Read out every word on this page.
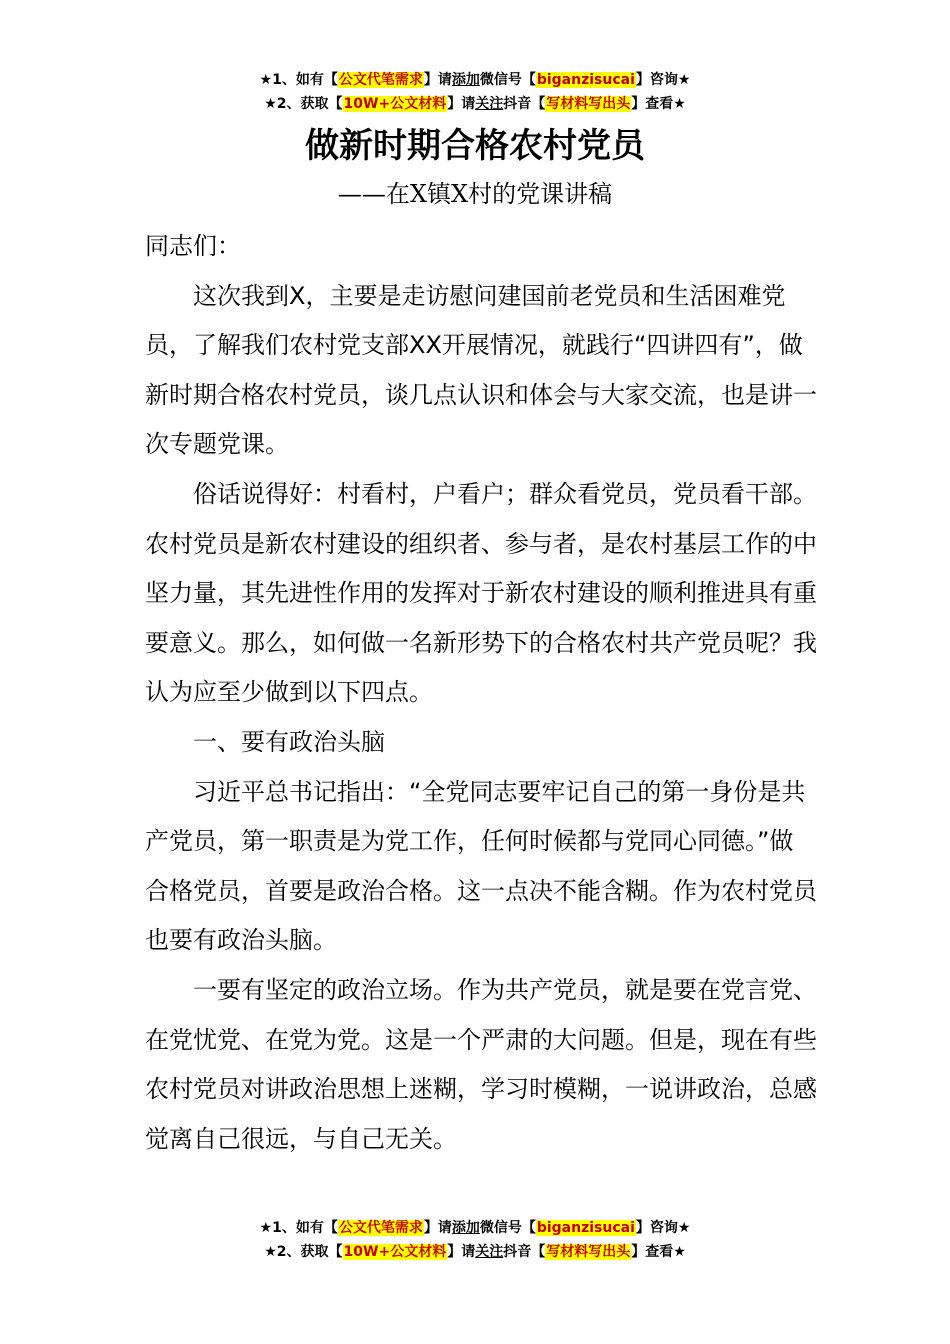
★1、如有【公文代笔需求】请添加微信号【biganzisucai】咨询★
★2、获取【10W+公文材料】请关注抖音【写材料写出头】查看★
做新时期合格农村党员
——在X镇X村的党课讲稿

同志们：

这次我到X，主要是走访慰问建国前老党员和生活困难党员，了解我们农村党支部XX开展情况，就践行“四讲四有”，做新时期合格农村党员，谈几点认识和体会与大家交流，也是讲一次专题党课。

俗话说得好：村看村，户看户；群众看党员，党员看干部。农村党员是新农村建设的组织者、参与者，是农村基层工作的中坚力量，其先进性作用的发挥对于新农村建设的顺利推进具有重要意义。那么，如何做一名新形势下的合格农村共产党员呢？我认为应至少做到以下四点。

一、要有政治头脑

习近平总书记指出：“全党同志要牢记自己的第一身份是共产党员，第一职责是为党工作，任何时候都与党同心同德。”做合格党员，首要是政治合格。这一点决不能含糊。作为农村党员也要有政治头脑。

一要有坚定的政治立场。作为共产党员，就是要在党言党、在党忧党、在党为党。这是一个严肃的大问题。但是，现在有些农村党员对讲政治思想上迷糊，学习时模糊，一说讲政治，总感觉离自己很远，与自己无关。

★1、如有【公文代笔需求】请添加微信号【biganzisucai】咨询★
★2、获取【10W+公文材料】请关注抖音【写材料写出头】查看★
